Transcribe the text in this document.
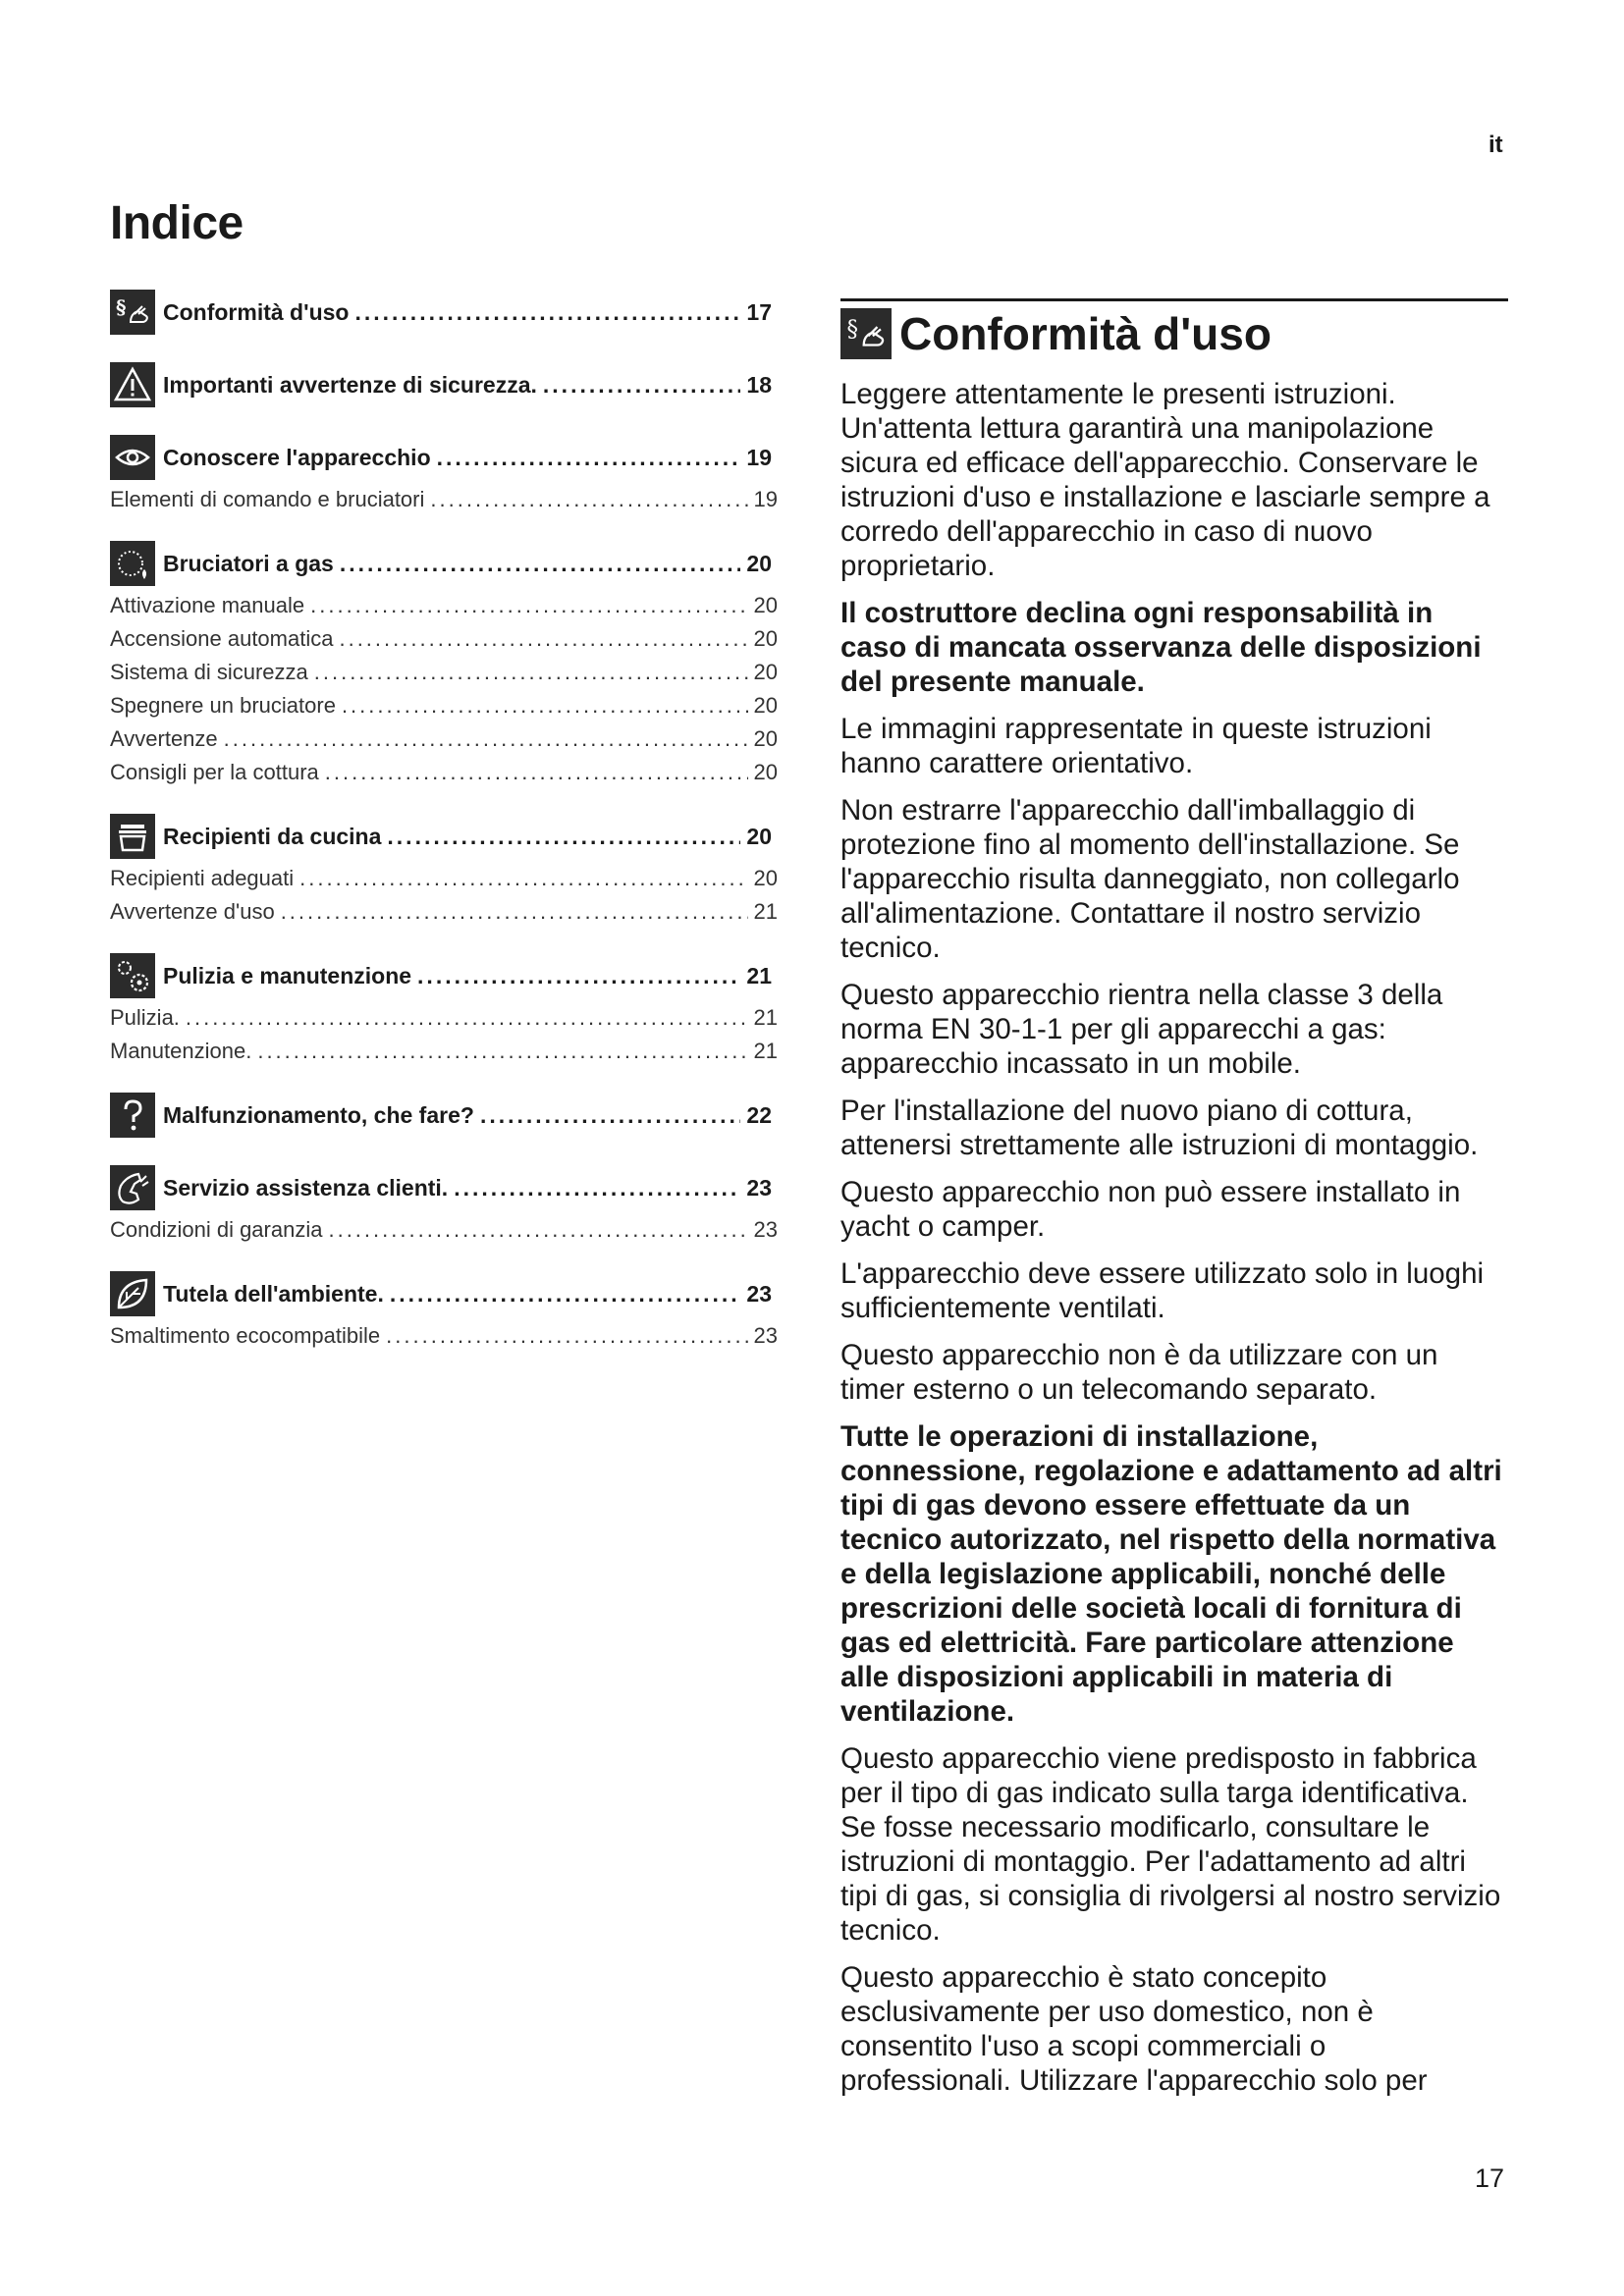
it
Indice
§ Conformità d'uso .....	17
Importanti avvertenze di sicurezza. .....	18
Conoscere l'apparecchio .....	19
Elementi di comando e bruciatori .....	19
Bruciatori a gas .....	20
Attivazione manuale .....	20
Accensione automatica .....	20
Sistema di sicurezza .....	20
Spegnere un bruciatore .....	20
Avvertenze .....	20
Consigli per la cottura .....	20
Recipienti da cucina .....	20
Recipienti adeguati .....	20
Avvertenze d'uso .....	21
Pulizia e manutenzione .....	21
Pulizia. .....	21
Manutenzione. .....	21
Malfunzionamento, che fare? .....	22
Servizio assistenza clienti. .....	23
Condizioni di garanzia .....	23
Tutela dell'ambiente. .....	23
Smaltimento ecocompatibile .....	23
§ Conformità d'uso

Leggere attentamente le presenti istruzioni. Un'attenta lettura garantirà una manipolazione sicura ed efficace dell'apparecchio. Conservare le istruzioni d'uso e installazione e lasciarle sempre a corredo dell'apparecchio in caso di nuovo proprietario.

Il costruttore declina ogni responsabilità in caso di mancata osservanza delle disposizioni del presente manuale.

Le immagini rappresentate in queste istruzioni hanno carattere orientativo.

Non estrarre l'apparecchio dall'imballaggio di protezione fino al momento dell'installazione. Se l'apparecchio risulta danneggiato, non collegarlo all'alimentazione. Contattare il nostro servizio tecnico.

Questo apparecchio rientra nella classe 3 della norma EN 30-1-1 per gli apparecchi a gas: apparecchio incassato in un mobile.

Per l'installazione del nuovo piano di cottura, attenersi strettamente alle istruzioni di montaggio.

Questo apparecchio non può essere installato in yacht o camper.

L'apparecchio deve essere utilizzato solo in luoghi sufficientemente ventilati.

Questo apparecchio non è da utilizzare con un timer esterno o un telecomando separato.

Tutte le operazioni di installazione, connessione, regolazione e adattamento ad altri tipi di gas devono essere effettuate da un tecnico autorizzato, nel rispetto della normativa e della legislazione applicabili, nonché delle prescrizioni delle società locali di fornitura di gas ed elettricità. Fare particolare attenzione alle disposizioni applicabili in materia di ventilazione.

Questo apparecchio viene predisposto in fabbrica per il tipo di gas indicato sulla targa identificativa. Se fosse necessario modificarlo, consultare le istruzioni di montaggio. Per l'adattamento ad altri tipi di gas, si consiglia di rivolgersi al nostro servizio tecnico.

Questo apparecchio è stato concepito esclusivamente per uso domestico, non è consentito l'uso a scopi commerciali o professionali. Utilizzare l'apparecchio solo per

17
